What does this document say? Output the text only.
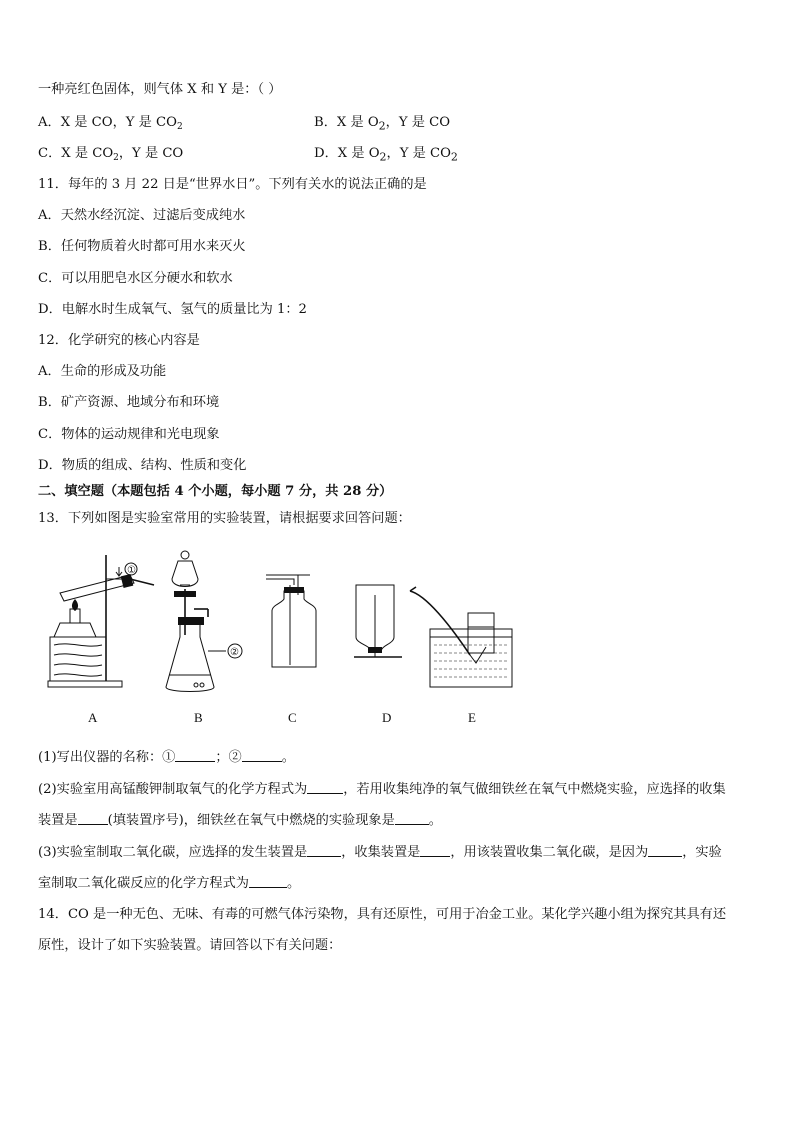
一种亮红色固体，则气体 X 和 Y 是：（ ）
A．X 是 CO，Y 是 $CO_2$	B．X 是 $O_2$，Y 是 CO
C．X 是 $CO_2$，Y 是 CO	D．X 是 $O_2$，Y 是 $CO_2$
11．每年的 3 月 22 日是“世界水日”。下列有关水的说法正确的是
A．天然水经沉淀、过滤后变成纯水
B．任何物质着火时都可用水来灭火
C．可以用肥皂水区分硬水和软水
D．电解水时生成氧气、氢气的质量比为 1：2
12．化学研究的核心内容是
A．生命的形成及功能
B．矿产资源、地域分布和环境
C．物体的运动规律和光电现象
D．物质的组成、结构、性质和变化
二、填空题（本题包括 4 个小题，每小题 7 分，共 28 分）
13．下列如图是实验室常用的实验装置，请根据要求回答问题：
①
②
A	B	C	D	E
(1)写出仪器的名称：①	；②	。
(2)实验室用高锰酸钾制取氧气的化学方程式为	，若用收集纯净的氧气做细铁丝在氧气中燃烧实验，应选择的收集
装置是 (填装置序号)，细铁丝在氧气中燃烧的实验现象是	。
(3)实验室制取二氧化碳，应选择的发生装置是	，收集装置是 ，用该装置收集二氧化碳，是因为	，实验
室制取二氧化碳反应的化学方程式为	。
14．CO 是一种无色、无味、有毒的可燃气体污染物，具有还原性，可用于冶金工业。某化学兴趣小组为探究其具有还
原性，设计了如下实验装置。请回答以下有关问题：
